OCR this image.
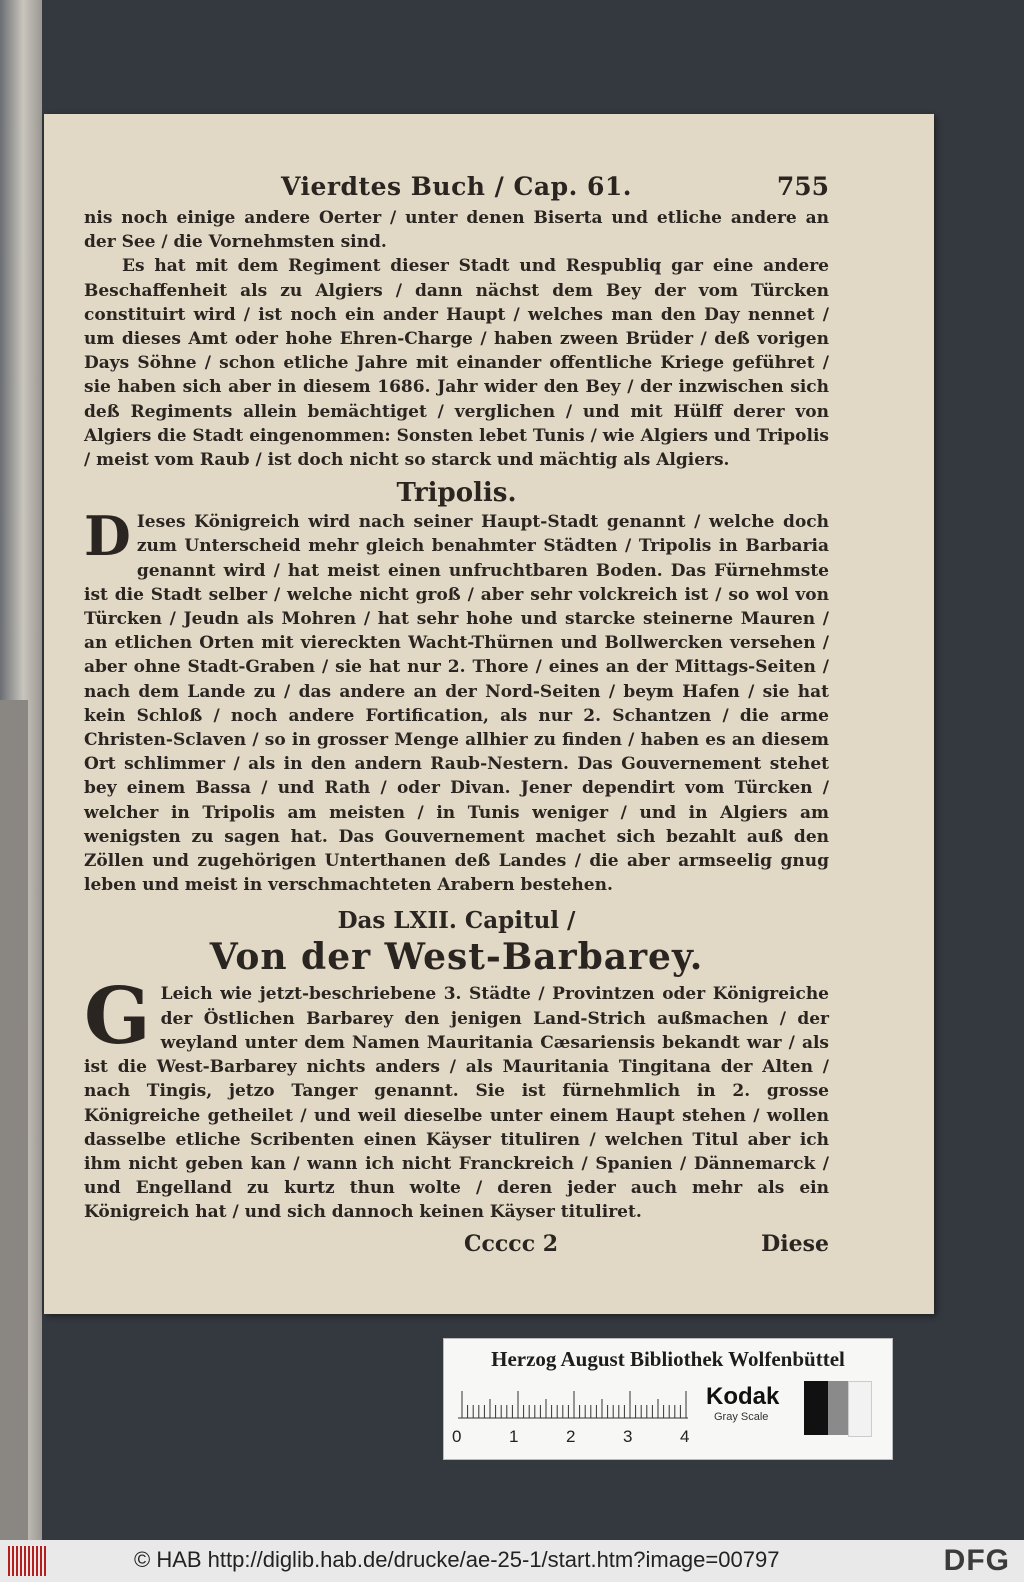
Vierdtes Buch / Cap. 61.	755

nis noch einige andere Oerter / unter denen Biserta und etliche andere an der See / die Vornehmsten sind.

Es hat mit dem Regiment dieser Stadt und Respubliq gar eine andere Beschaffenheit als zu Algiers / dann nächst dem Bey der vom Türcken constituirt wird / ist noch ein ander Haupt / welches man den Day nennet / um dieses Amt oder hohe Ehren-Charge / haben zween Brüder / deß vorigen Days Söhne / schon etliche Jahre mit einander offentliche Kriege geführet / sie haben sich aber in diesem 1686. Jahr wider den Bey / der inzwischen sich deß Regiments allein bemächtiget / verglichen / und mit Hülff derer von Algiers die Stadt eingenommen: Sonsten lebet Tunis / wie Algiers und Tripolis / meist vom Raub / ist doch nicht so starck und mächtig als Algiers.

Tripolis.

D Ieses Königreich wird nach seiner Haupt-Stadt genannt / welche doch zum Unterscheid mehr gleich benahmter Städten / Tripolis in Barbaria genannt wird / hat meist einen unfruchtbaren Boden. Das Fürnehmste ist die Stadt selber / welche nicht groß / aber sehr volckreich ist / so wol von Türcken / Jeudn als Mohren / hat sehr hohe und starcke steinerne Mauren / an etlichen Orten mit viereckten Wacht-Thürnen und Bollwercken versehen / aber ohne Stadt-Graben / sie hat nur 2. Thore / eines an der Mittags-Seiten / nach dem Lande zu / das andere an der Nord-Seiten / beym Hafen / sie hat kein Schloß / noch andere Fortification, als nur 2. Schantzen / die arme Christen-Sclaven / so in grosser Menge allhier zu finden / haben es an diesem Ort schlimmer / als in den andern Raub-Nestern. Das Gouvernement stehet bey einem Bassa / und Rath / oder Divan. Jener dependirt vom Türcken / welcher in Tripolis am meisten / in Tunis weniger / und in Algiers am wenigsten zu sagen hat. Das Gouvernement machet sich bezahlt auß den Zöllen und zugehörigen Unterthanen deß Landes / die aber armseelig gnug leben und meist in verschmachteten Arabern bestehen.

Das LXII. Capitul /
Von der West-Barbarey.

G Leich wie jetzt-beschriebene 3. Städte / Provintzen oder Königreiche der Östlichen Barbarey den jenigen Land-Strich außmachen / der weyland unter dem Namen Mauritania Cæsariensis bekandt war / als ist die West-Barbarey nichts anders / als Mauritania Tingitana der Alten / nach Tingis, jetzo Tanger genannt. Sie ist fürnehmlich in 2. grosse Königreiche getheilet / und weil dieselbe unter einem Haupt stehen / wollen dasselbe etliche Scribenten einen Käyser tituliren / welchen Titul aber ich ihm nicht geben kan / wann ich nicht Franckreich / Spanien / Dännemarck / und Engelland zu kurtz thun wolte / deren jeder auch mehr als ein Königreich hat / und sich dannoch keinen Käyser tituliret.

Ccccc 2	Diese
Herzog August Bibliothek Wolfenbüttel
0	1	2	3	4
Kodak
Gray Scale
© HAB http://diglib.hab.de/drucke/ae-25-1/start.htm?image=00797	DFG
